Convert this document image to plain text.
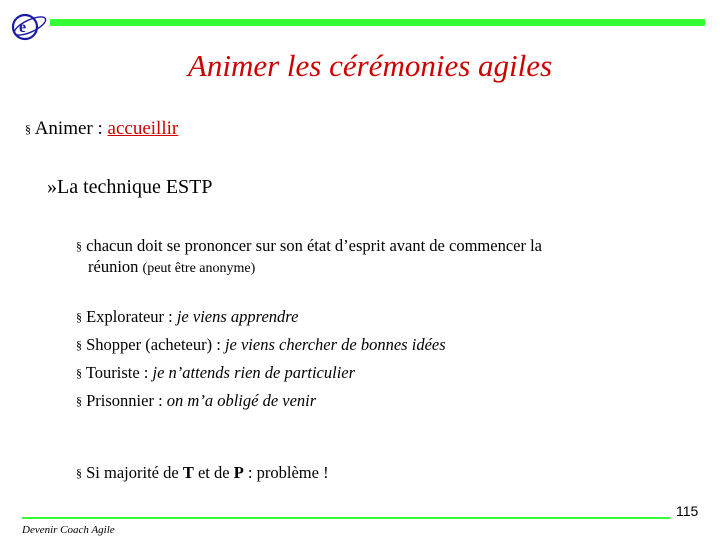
e
Animer les cérémonies agiles
§ Animer : accueillir
»La technique ESTP
§ chacun doit se prononcer sur son état d’esprit avant de commencer la
réunion (peut être anonyme)
§ Explorateur : je viens apprendre
§ Shopper (acheteur) : je viens chercher de bonnes idées
§ Touriste : je n’attends rien de particulier
§ Prisonnier : on m’a obligé de venir
§ Si majorité de T et de P : problème !
115
Devenir Coach Agile
